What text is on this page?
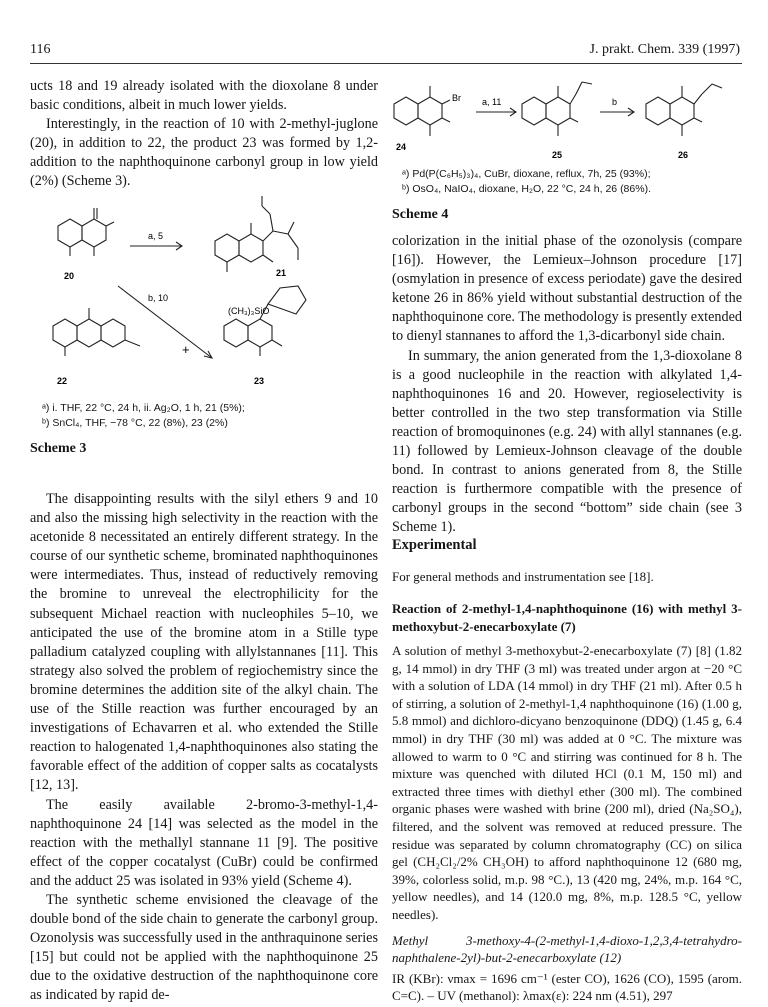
116	J. prakt. Chem. 339 (1997)

ucts 18 and 19 already isolated with the dioxolane 8 under basic conditions, albeit in much lower yields.

Interestingly, in the reaction of 10 with 2-methyl-juglone (20), in addition to 22, the product 23 was formed by 1,2-addition to the naphthoquinone carbonyl group in low yield (2%) (Scheme 3).

20
a, 5
21
b, 10
(CH₃)₃SiO
+
22	23
ᵃ) i. THF, 22 °C, 24 h, ii. Ag₂O, 1 h, 21 (5%);
ᵇ) SnCl₄, THF, −78 °C, 22 (8%), 23 (2%)
Scheme 3

The disappointing results with the silyl ethers 9 and 10 and also the missing high selectivity in the reaction with the acetonide 8 necessitated an entirely different strategy. In the course of our synthetic scheme, brominated naphthoquinones were intermediates. Thus, instead of reductively removing the bromine to unreveal the electrophilicity for the subsequent Michael reaction with nucleophiles 5–10, we anticipated the use of the bromine atom in a Stille type palladium catalyzed coupling with allylstannanes [11]. This strategy also solved the problem of regiochemistry since the bromine determines the addition site of the alkyl chain. The use of the Stille reaction was further encouraged by an investigations of Echavarren et al. who extended the Stille reaction to halogenated 1,4-naphthoquinones also stating the favorable effect of the addition of copper salts as cocatalysts [12, 13].

The easily available 2-bromo-3-methyl-1,4-naphthoquinone 24 [14] was selected as the model in the reaction with the methallyl stannane 11 [9]. The positive effect of the copper cocatalyst (CuBr) could be confirmed and the adduct 25 was isolated in 93% yield (Scheme 4).

The synthetic scheme envisioned the cleavage of the double bond of the side chain to generate the carbonyl group. Ozonolysis was successfully used in the anthraquinone series [15] but could not be applied with the naphthoquinone 25 due to the oxidative destruction of the naphthoquinone core as indicated by rapid de-

Br a, 11	b
24
25	26
ᵃ) Pd(P(C₆H₅)₃)₄, CuBr, dioxane, reflux, 7h, 25 (93%);
ᵇ) OsO₄, NaIO₄, dioxane, H₂O, 22 °C, 24 h, 26 (86%).
Scheme 4

colorization in the initial phase of the ozonolysis (compare [16]). However, the Lemieux–Johnson procedure [17] (osmylation in presence of excess periodate) gave the desired ketone 26 in 86% yield without substantial destruction of the naphthoquinone core. The methodology is presently extended to dienyl stannanes to afford the 1,3-dicarbonyl side chain.

In summary, the anion generated from the 1,3-dioxolane 8 is a good nucleophile in the reaction with alkylated 1,4-naphthoquinones 16 and 20. However, regioselectivity is better controlled in the two step transformation via Stille reaction of bromoquinones (e.g. 24) with allyl stannanes (e.g. 11) followed by Lemieux-Johnson cleavage of the double bond. In contrast to anions generated from 8, the Stille reaction is furthermore compatible with the presence of carbonyl groups in the second “bottom” side chain (see 3 Scheme 1).

Experimental
For general methods and instrumentation see [18].
Reaction of 2-methyl-1,4-naphthoquinone (16) with methyl 3-methoxybut-2-enecarboxylate (7)

A solution of methyl 3-methoxybut-2-enecarboxylate (7) [8] (1.82 g, 14 mmol) in dry THF (3 ml) was treated under argon at −20 °C with a solution of LDA (14 mmol) in dry THF (21 ml). After 0.5 h of stirring, a solution of 2-methyl-1,4 naphthoquinone (16) (1.00 g, 5.8 mmol) and dichloro-dicyano benzoquinone (DDQ) (1.45 g, 6.4 mmol) in dry THF (30 ml) was added at 0 °C. The mixture was allowed to warm to 0 °C and stirring was continued for 8 h. The mixture was quenched with diluted HCl (0.1 M, 150 ml) and extracted three times with diethyl ether (300 ml). The combined organic phases were washed with brine (200 ml), dried (Na₂SO₄), filtered, and the solvent was removed at reduced pressure. The residue was separated by column chromatography (CC) on silica gel (CH₂Cl₂/2% CH₃OH) to afford naphthoquinone 12 (680 mg, 39%, colorless solid, m.p. 98 °C.), 13 (420 mg, 24%, m.p. 164 °C, yellow needles), and 14 (120.0 mg, 8%, m.p. 128.5 °C, yellow needles).

Methyl 3-methoxy-4-(2-methyl-1,4-dioxo-1,2,3,4-tetrahydro-naphthalene-2yl)-but-2-enecarboxylate (12)

IR (KBr): νmax = 1696 cm⁻¹ (ester CO), 1626 (CO), 1595 (arom. C=C). – UV (methanol): λmax(ε): 224 nm (4.51), 297
